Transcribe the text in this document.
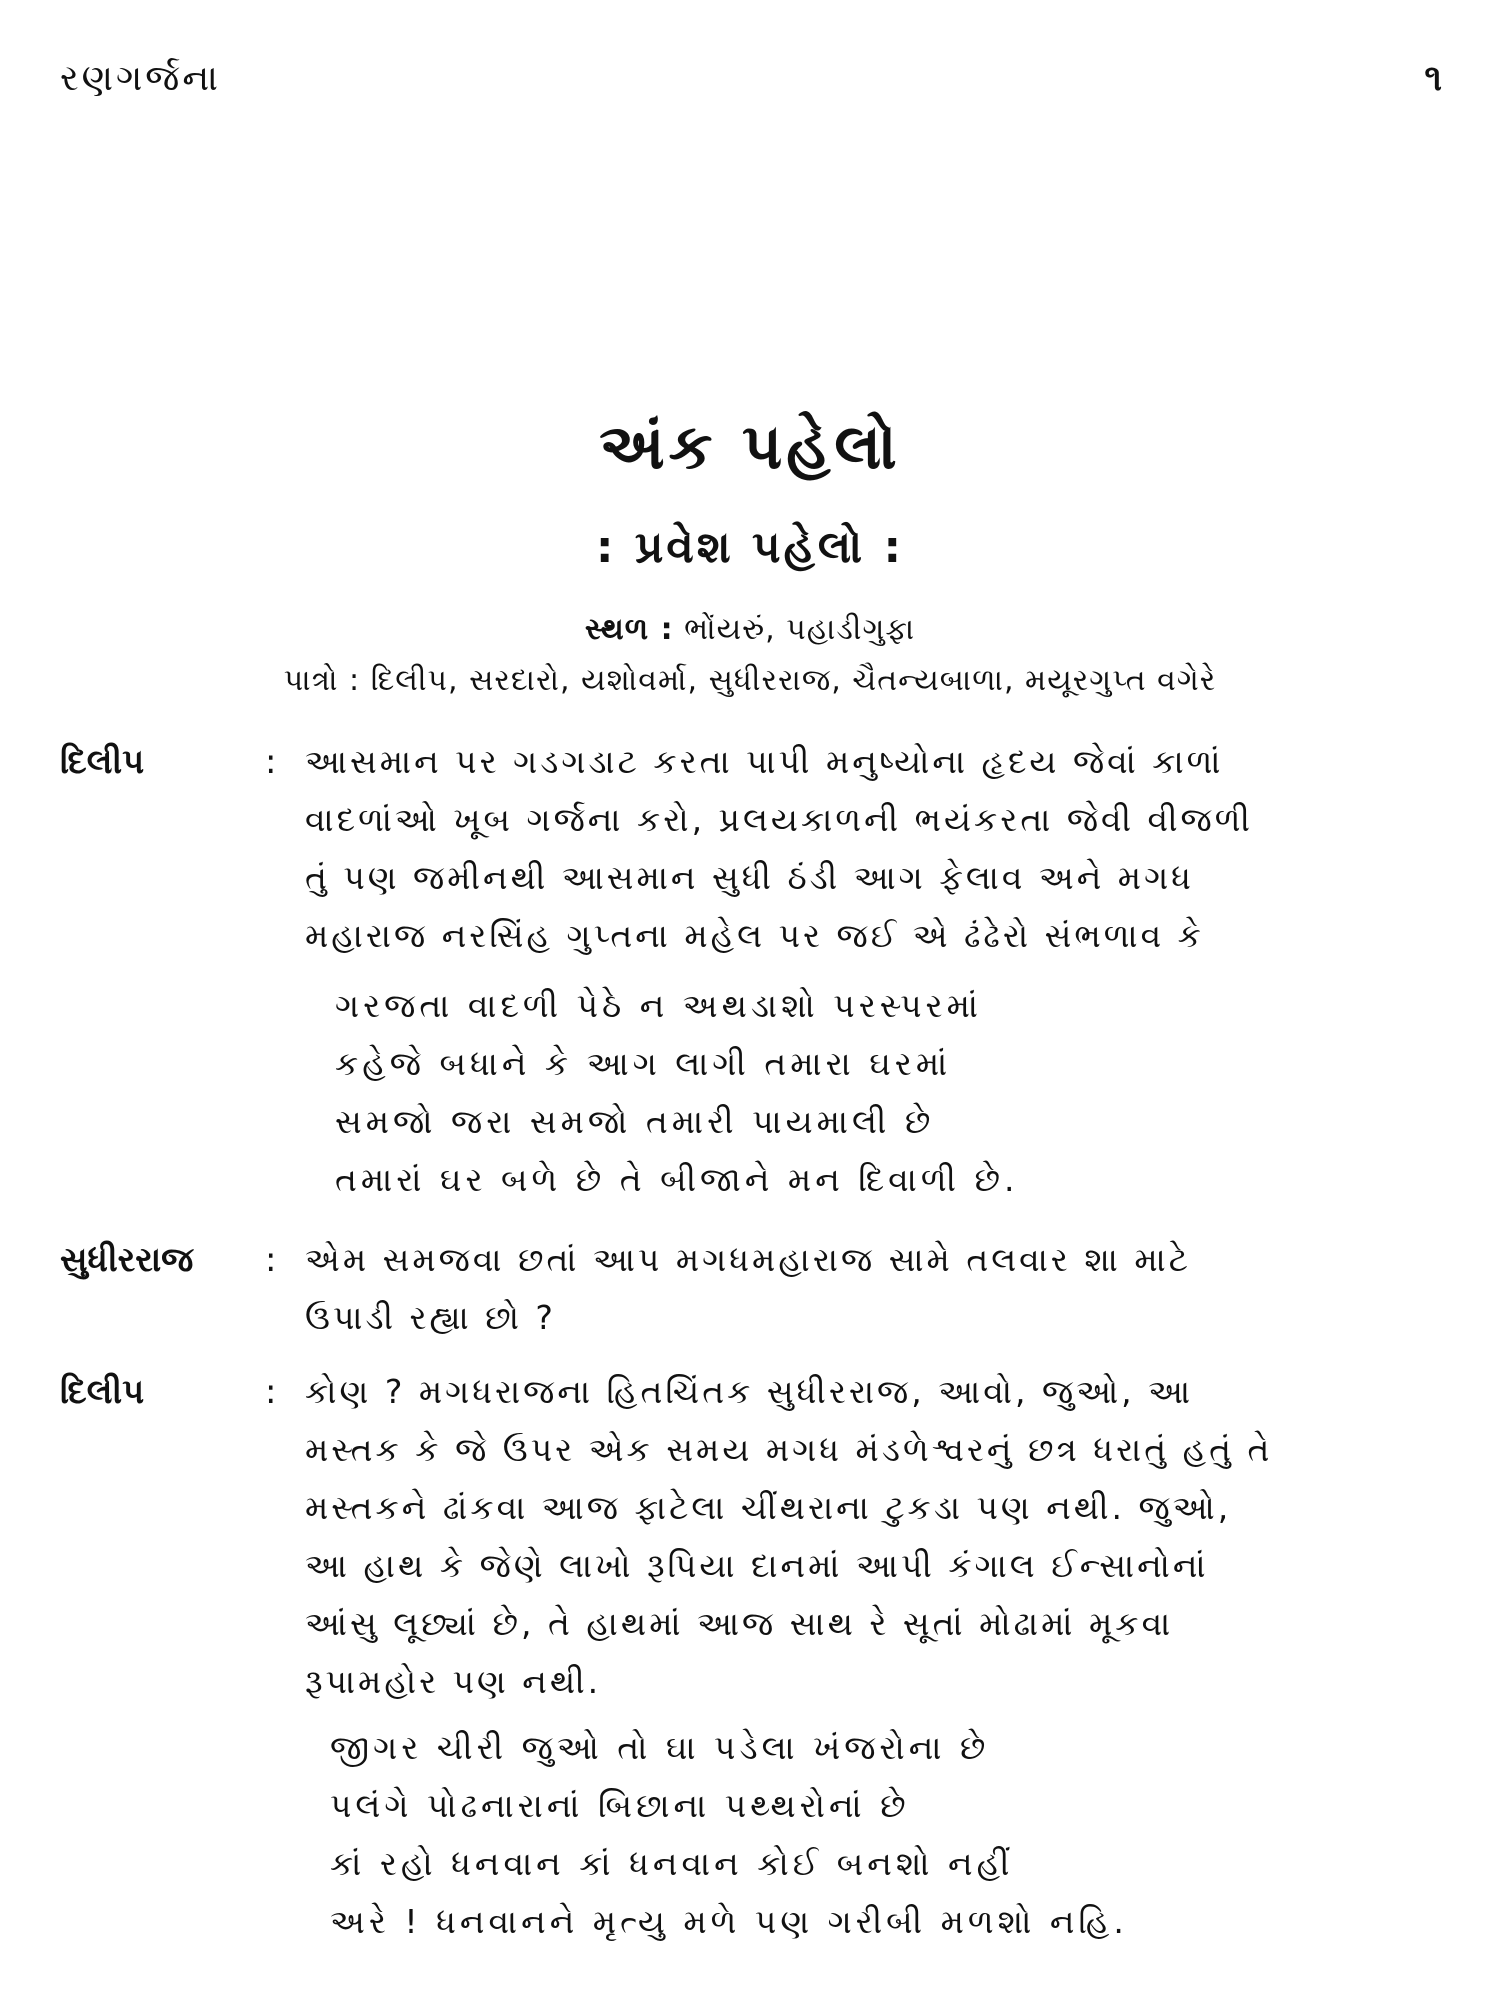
રણગર્જના	૧
અંક પહેલો
: પ્રવેશ પહેલો :
સ્થળ : ભોંયરું, પહાડીગુફા
પાત્રો : દિલીપ, સરદારો, યશોવર્મા, સુધીરરાજ, ચૈતન્યબાળા, મયૂરગુપ્ત વગેરે
દિલીપ	: આસમાન પર ગડગડાટ કરતા પાપી મનુષ્યોના હૃદય જેવાં કાળાં
વાદળાંઓ ખૂબ ગર્જના કરો, પ્રલયકાળની ભયંકરતા જેવી વીજળી
તું પણ જમીનથી આસમાન સુધી ઠંડી આગ ફેલાવ અને મગધ
મહારાજ નરસિંહ ગુપ્તના મહેલ પર જઈ એ ઢંઢેરો સંભળાવ કે
ગરજતા વાદળી પેઠે ન અથડાશો પરસ્પરમાં
કહેજે બધાને કે આગ લાગી તમારા ઘરમાં
સમજો જરા સમજો તમારી પાયમાલી છે
તમારાં ઘર બળે છે તે બીજાને મન દિવાળી છે.
સુધીરરાજ : એમ સમજવા છતાં આપ મગધમહારાજ સામે તલવાર શા માટે
ઉપાડી રહ્યા છો ?
દિલીપ	: કોણ ? મગધરાજના હિતચિંતક સુધીરરાજ, આવો, જુઓ, આ
મસ્તક કે જે ઉપર એક સમય મગધ મંડળેશ્વરનું છત્ર ધરાતું હતું તે
મસ્તકને ઢાંકવા આજ ફાટેલા ચીંથરાના ટુકડા પણ નથી. જુઓ,
આ હાથ કે જેણે લાખો રૂપિયા દાનમાં આપી કંગાલ ઈન્સાનોનાં
આંસુ લૂછ્યાં છે, તે હાથમાં આજ સાથ રે સૂતાં મોઢામાં મૂકવા
રૂપામહોર પણ નથી.
જીગર ચીરી જુઓ તો ઘા પડેલા ખંજરોના છે
પલંગે પોઢનારાનાં બિછાના પથ્થરોનાં છે
કાં રહો ધનવાન કાં ધનવાન કોઈ બનશો નહીં
અરે ! ધનવાનને મૃત્યુ મળે પણ ગરીબી મળશો નહિ.
